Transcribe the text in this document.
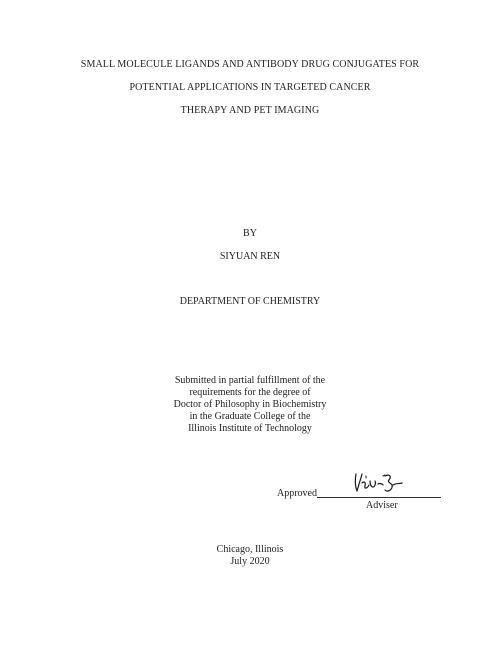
SMALL MOLECULE LIGANDS AND ANTIBODY DRUG CONJUGATES FOR
POTENTIAL APPLICATIONS IN TARGETED CANCER
THERAPY AND PET IMAGING
BY
SIYUAN REN
DEPARTMENT OF CHEMISTRY
Submitted in partial fulfillment of the
requirements for the degree of
Doctor of Philosophy in Biochemistry
in the Graduate College of the
Illinois Institute of Technology
Approved
Adviser
Chicago, Illinois
July 2020
